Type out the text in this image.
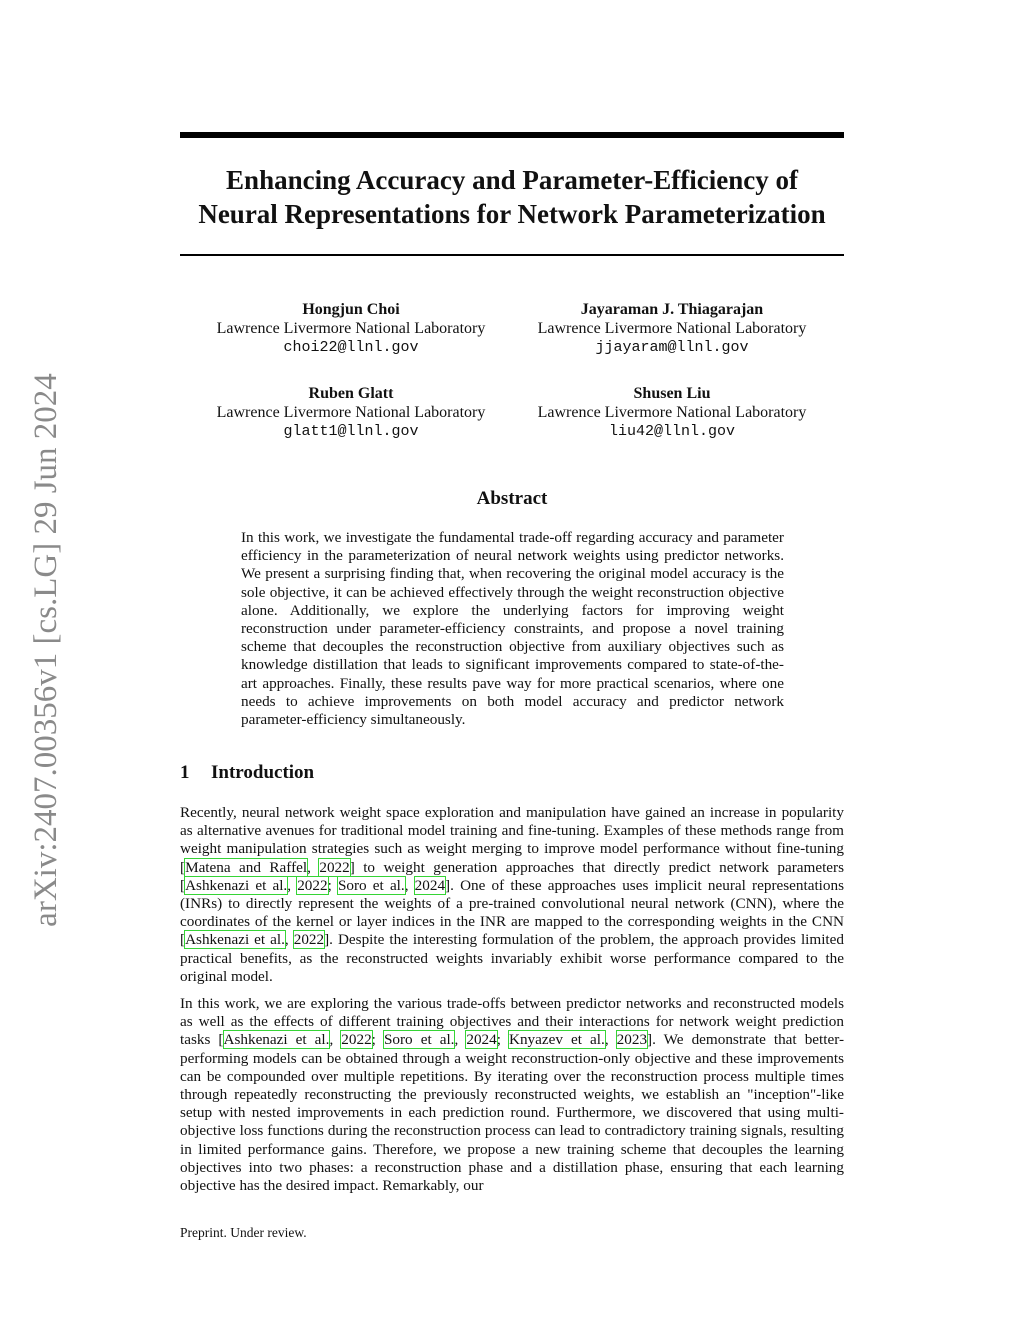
arXiv:2407.00356v1 [cs.LG] 29 Jun 2024
Enhancing Accuracy and Parameter-Efficiency of
Neural Representations for Network Parameterization
Hongjun Choi
Lawrence Livermore National Laboratory
choi22@llnl.gov
Jayaraman J. Thiagarajan
Lawrence Livermore National Laboratory
jjayaram@llnl.gov
Ruben Glatt
Lawrence Livermore National Laboratory
glatt1@llnl.gov
Shusen Liu
Lawrence Livermore National Laboratory
liu42@llnl.gov
Abstract

In this work, we investigate the fundamental trade-off regarding accuracy and parameter efficiency in the parameterization of neural network weights using predictor networks. We present a surprising finding that, when recovering the original model accuracy is the sole objective, it can be achieved effectively through the weight reconstruction objective alone. Additionally, we explore the underlying factors for improving weight reconstruction under parameter-efficiency constraints, and propose a novel training scheme that decouples the reconstruction objective from auxiliary objectives such as knowledge distillation that leads to significant improvements compared to state-of-the-art approaches. Finally, these results pave way for more practical scenarios, where one needs to achieve improvements on both model accuracy and predictor network parameter-efficiency simultaneously.

1 Introduction

Recently, neural network weight space exploration and manipulation have gained an increase in popularity as alternative avenues for traditional model training and fine-tuning. Examples of these methods range from weight manipulation strategies such as weight merging to improve model performance without fine-tuning [Matena and Raffel, 2022] to weight generation approaches that directly predict network parameters [Ashkenazi et al., 2022; Soro et al., 2024]. One of these approaches uses implicit neural representations (INRs) to directly represent the weights of a pre-trained convolutional neural network (CNN), where the coordinates of the kernel or layer indices in the INR are mapped to the corresponding weights in the CNN [Ashkenazi et al., 2022]. Despite the interesting formulation of the problem, the approach provides limited practical benefits, as the reconstructed weights invariably exhibit worse performance compared to the original model.

In this work, we are exploring the various trade-offs between predictor networks and reconstructed models as well as the effects of different training objectives and their interactions for network weight prediction tasks [Ashkenazi et al., 2022; Soro et al., 2024; Knyazev et al., 2023]. We demonstrate that better-performing models can be obtained through a weight reconstruction-only objective and these improvements can be compounded over multiple repetitions. By iterating over the reconstruction process multiple times through repeatedly reconstructing the previously reconstructed weights, we establish an "inception"-like setup with nested improvements in each prediction round. Furthermore, we discovered that using multi-objective loss functions during the reconstruction process can lead to contradictory training signals, resulting in limited performance gains. Therefore, we propose a new training scheme that decouples the learning objectives into two phases: a reconstruction phase and a distillation phase, ensuring that each learning objective has the desired impact. Remarkably, our

Preprint. Under review.
